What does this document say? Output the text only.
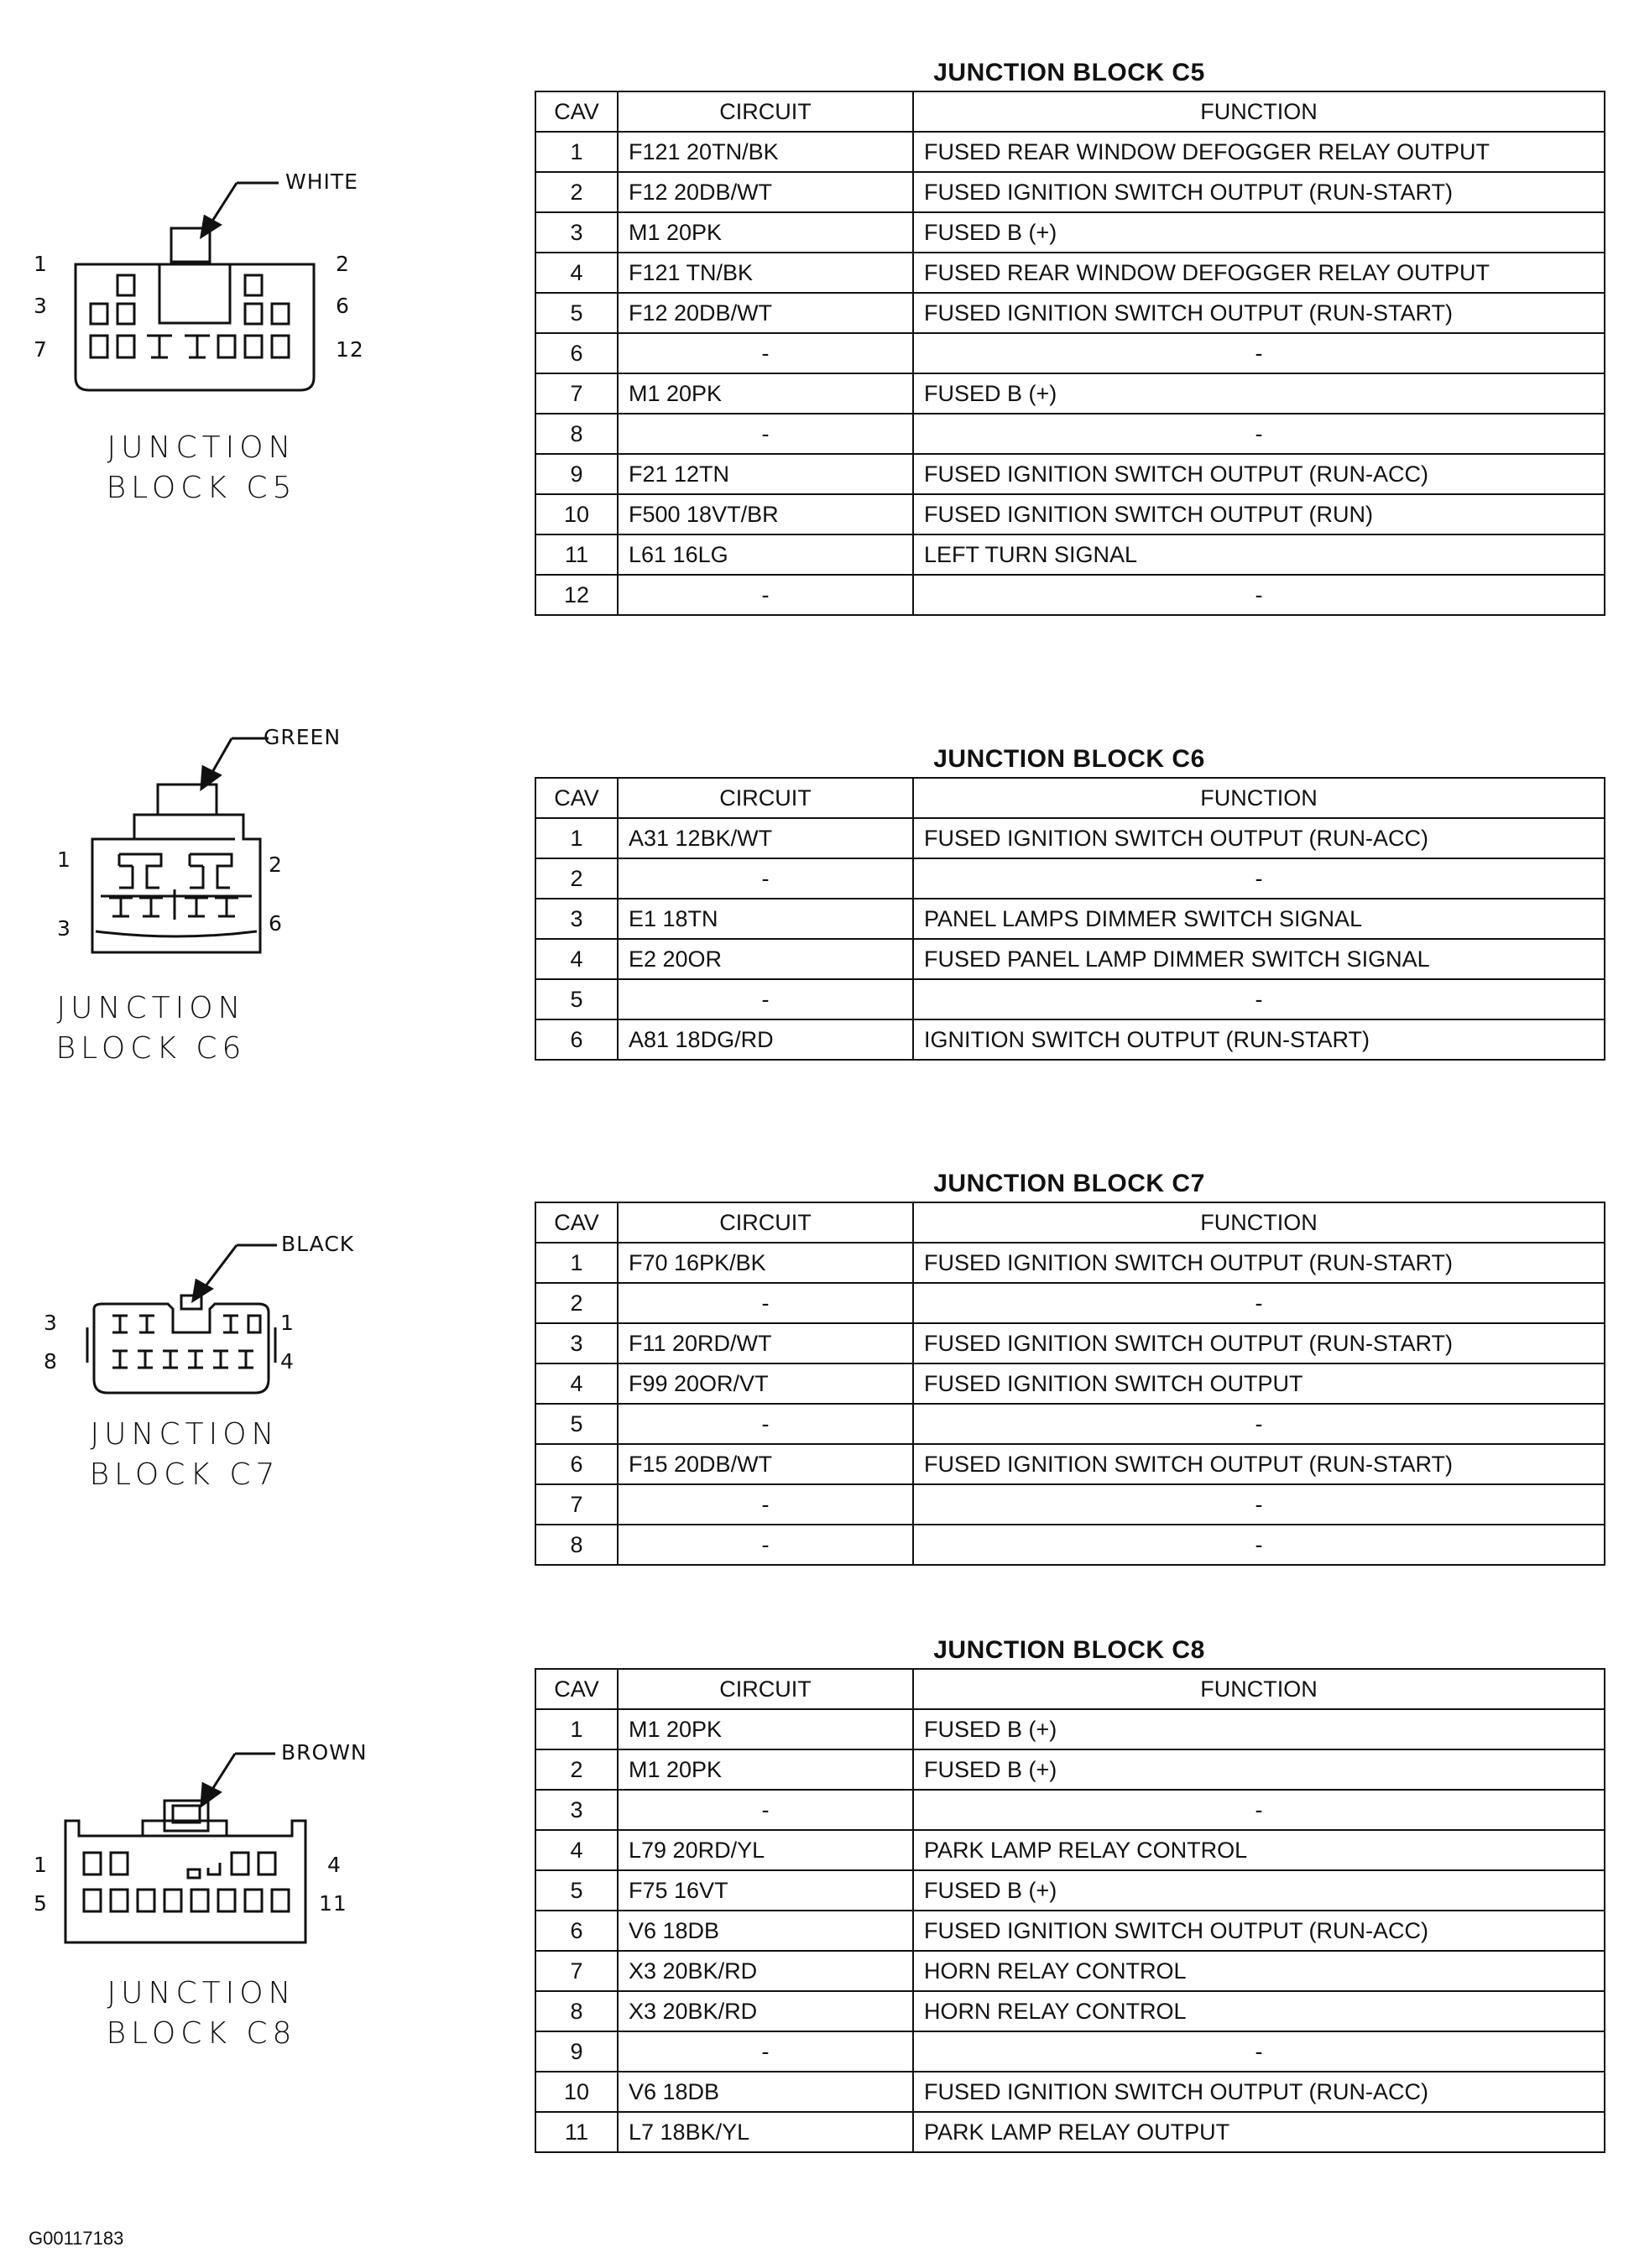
WHITE
1	2
3	6
7	12
JUNCTION
BLOCK C5
JUNCTION BLOCK C5
CAV	CIRCUIT	FUNCTION
1	F121 20TN/BK	FUSED REAR WINDOW DEFOGGER RELAY OUTPUT
2	F12 20DB/WT	FUSED IGNITION SWITCH OUTPUT (RUN-START)
3	M1 20PK	FUSED B (+)
4	F121 TN/BK	FUSED REAR WINDOW DEFOGGER RELAY OUTPUT
5	F12 20DB/WT	FUSED IGNITION SWITCH OUTPUT (RUN-START)
6	-	-
7	M1 20PK	FUSED B (+)
8	-	-
9	F21 12TN	FUSED IGNITION SWITCH OUTPUT (RUN-ACC)
10	F500 18VT/BR	FUSED IGNITION SWITCH OUTPUT (RUN)
11	L61 16LG	LEFT TURN SIGNAL
12	-	-
GREEN
1	2
3	6
JUNCTION
BLOCK C6
JUNCTION BLOCK C6
CAV	CIRCUIT	FUNCTION
1	A31 12BK/WT	FUSED IGNITION SWITCH OUTPUT (RUN-ACC)
2	-	-
3	E1 18TN	PANEL LAMPS DIMMER SWITCH SIGNAL
4	E2 20OR	FUSED PANEL LAMP DIMMER SWITCH SIGNAL
5	-	-
6	A81 18DG/RD	IGNITION SWITCH OUTPUT (RUN-START)
BLACK
3	1
8	4
JUNCTION
BLOCK C7
JUNCTION BLOCK C7
CAV	CIRCUIT	FUNCTION
1	F70 16PK/BK	FUSED IGNITION SWITCH OUTPUT (RUN-START)
2	-	-
3	F11 20RD/WT	FUSED IGNITION SWITCH OUTPUT (RUN-START)
4	F99 20OR/VT	FUSED IGNITION SWITCH OUTPUT
5	-	-
6	F15 20DB/WT	FUSED IGNITION SWITCH OUTPUT (RUN-START)
7	-	-
8	-	-
BROWN
1	4
5	11
JUNCTION
BLOCK C8
JUNCTION BLOCK C8
CAV	CIRCUIT	FUNCTION
1	M1 20PK	FUSED B (+)
2	M1 20PK	FUSED B (+)
3	-	-
4	L79 20RD/YL	PARK LAMP RELAY CONTROL
5	F75 16VT	FUSED B (+)
6	V6 18DB	FUSED IGNITION SWITCH OUTPUT (RUN-ACC)
7	X3 20BK/RD	HORN RELAY CONTROL
8	X3 20BK/RD	HORN RELAY CONTROL
9	-	-
10	V6 18DB	FUSED IGNITION SWITCH OUTPUT (RUN-ACC)
11	L7 18BK/YL	PARK LAMP RELAY OUTPUT
G00117183
